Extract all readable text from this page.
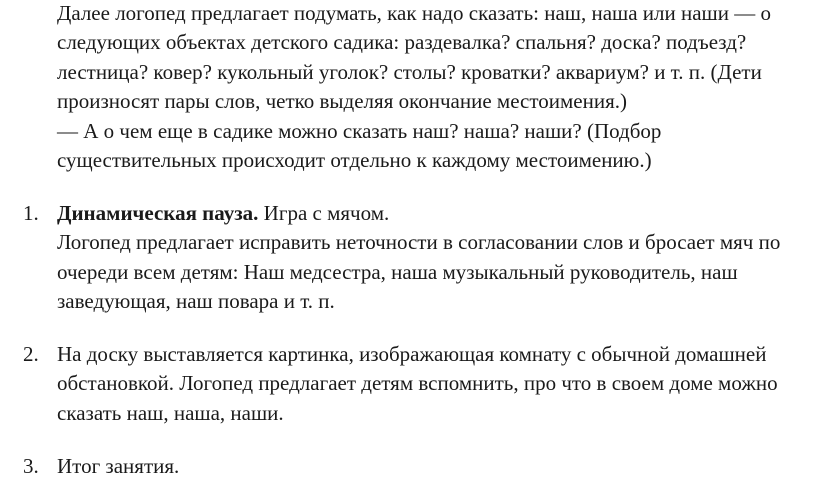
Далее логопед предлагает подумать, как надо сказать: наш, наша или наши — о
следующих объектах детского садика: раздевалка? спальня? доска? подъезд?
лестница? ковер? кукольный уголок? столы? кроватки? аквариум? и т. п. (Дети
произносят пары слов, четко выделяя окончание местоимения.)
— А о чем еще в садике можно сказать наш? наша? наши? (Подбор
существительных происходит отдельно к каждому местоимению.)
1. Динамическая пауза. Игра с мячом.
Логопед предлагает исправить неточности в согласовании слов и бросает мяч по
очереди всем детям: Наш медсестра, наша музыкальный руководитель, наш
заведующая, наш повара и т. п.
2. На доску выставляется картинка, изображающая комнату с обычной домашней
обстановкой. Логопед предлагает детям вспомнить, про что в своем доме можно
сказать наш, наша, наши.
3. Итог занятия.
